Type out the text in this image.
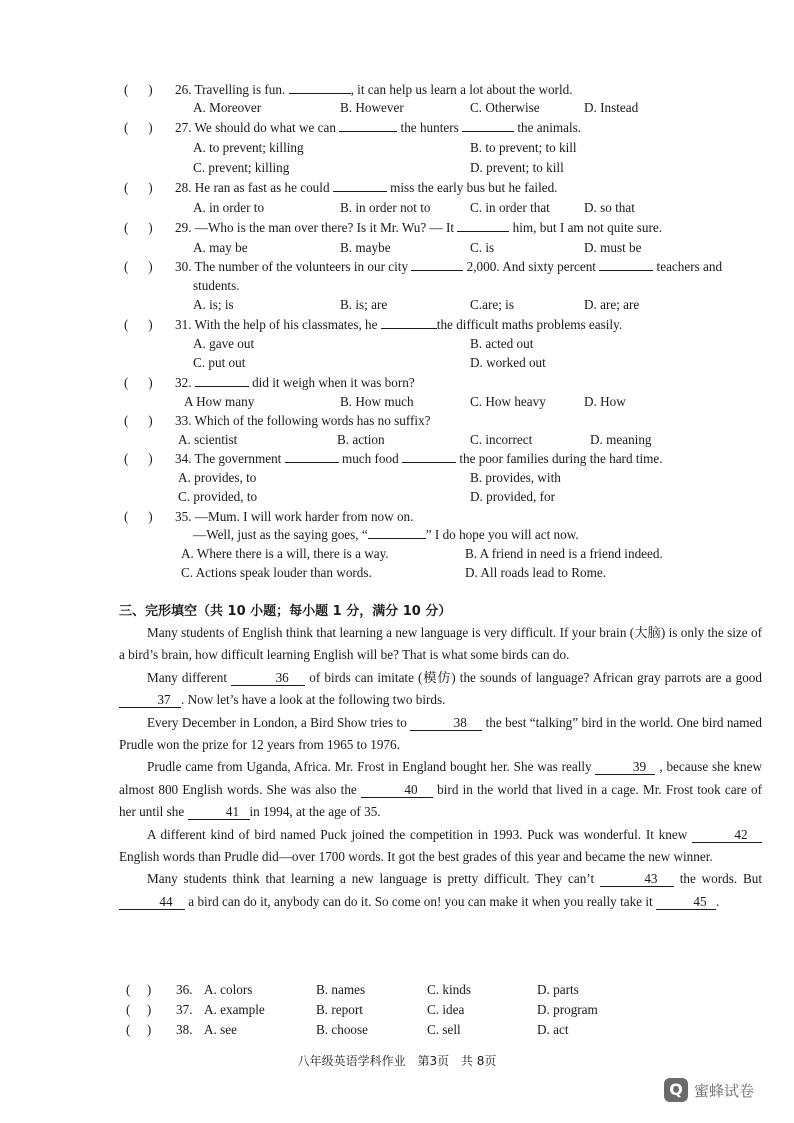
( ) 26. Travelling is fun.	, it can help us learn a lot about the world.
A. Moreover	B. However	C. Otherwise	D. Instead
( ) 27. We should do what we can	the hunters	the animals.
A. to prevent; killing	B. to prevent; to kill
C. prevent; killing	D. prevent; to kill
( ) 28. He ran as fast as he could	miss the early bus but he failed.
A. in order to	B. in order not to	C. in order that	D. so that
( ) 29. —Who is the man over there? Is it Mr. Wu? — It	him, but I am not quite sure.
A. may be	B. maybe	C. is	D. must be
( ) 30. The number of the volunteers in our city	2,000. And sixty percent	teachers and
students.
A. is; is	B. is; are	C.are; is	D. are; are
( ) 31. With the help of his classmates, he	the difficult maths problems easily.
A. gave out	B. acted out
C. put out	D. worked out
( ) 32.	did it weigh when it was born?
A How many	B. How much	C. How heavy	D. How
( ) 33. Which of the following words has no suffix?
A. scientist	B. action	C. incorrect	D. meaning
( ) 34. The government	much food	the poor families during the hard time.
A. provides, to	B. provides, with
C. provided, to	D. provided, for
( ) 35. —Mum. I will work harder from now on.
—Well, just as the saying goes, “	” I do hope you will act now.
A. Where there is a will, there is a way.	B. A friend in need is a friend indeed.
C. Actions speak louder than words.	D. All roads lead to Rome.
三、完形填空（共 10 小题；每小题 1 分，满分 10 分）

Many students of English think that learning a new language is very difficult. If your brain (大脑) is only the size of a bird’s brain, how difficult learning English will be? That is what some birds can do.

Many different	36 of birds can imitate (模仿) the sounds of language? African gray parrots are a good 37 . Now let’s have a look at the following two birds.

Every December in London, a Bird Show tries to	38 the best “talking” bird in the world. One bird named Prudle won the prize for 12 years from 1965 to 1976.

Prudle came from Uganda, Africa. Mr. Frost in England bought her. She was really	39 , because she knew almost 800 English words. She was also the	40 bird in the world that lived in a cage. Mr. Frost took care of her until she	41 in 1994, at the age of 35.

A different kind of bird named Puck joined the competition in 1993. Puck was wonderful. It knew	42 English words than Prudle did—over 1700 words. It got the best grades of this year and became the new winner.

Many students think that learning a new language is pretty difficult. They can’t	43 the words. But 44 a bird can do it, anybody can do it. So come on! you can make it when you really take it	45 .

( ) 36. A. colors	B. names	C. kinds	D. parts
( ) 37. A. example	B. report	C. idea	D. program
( ) 38. A. see	B. choose	C. sell	D. act
八年级英语学科作业 第3页 共 8页
Q 蜜蜂试卷
